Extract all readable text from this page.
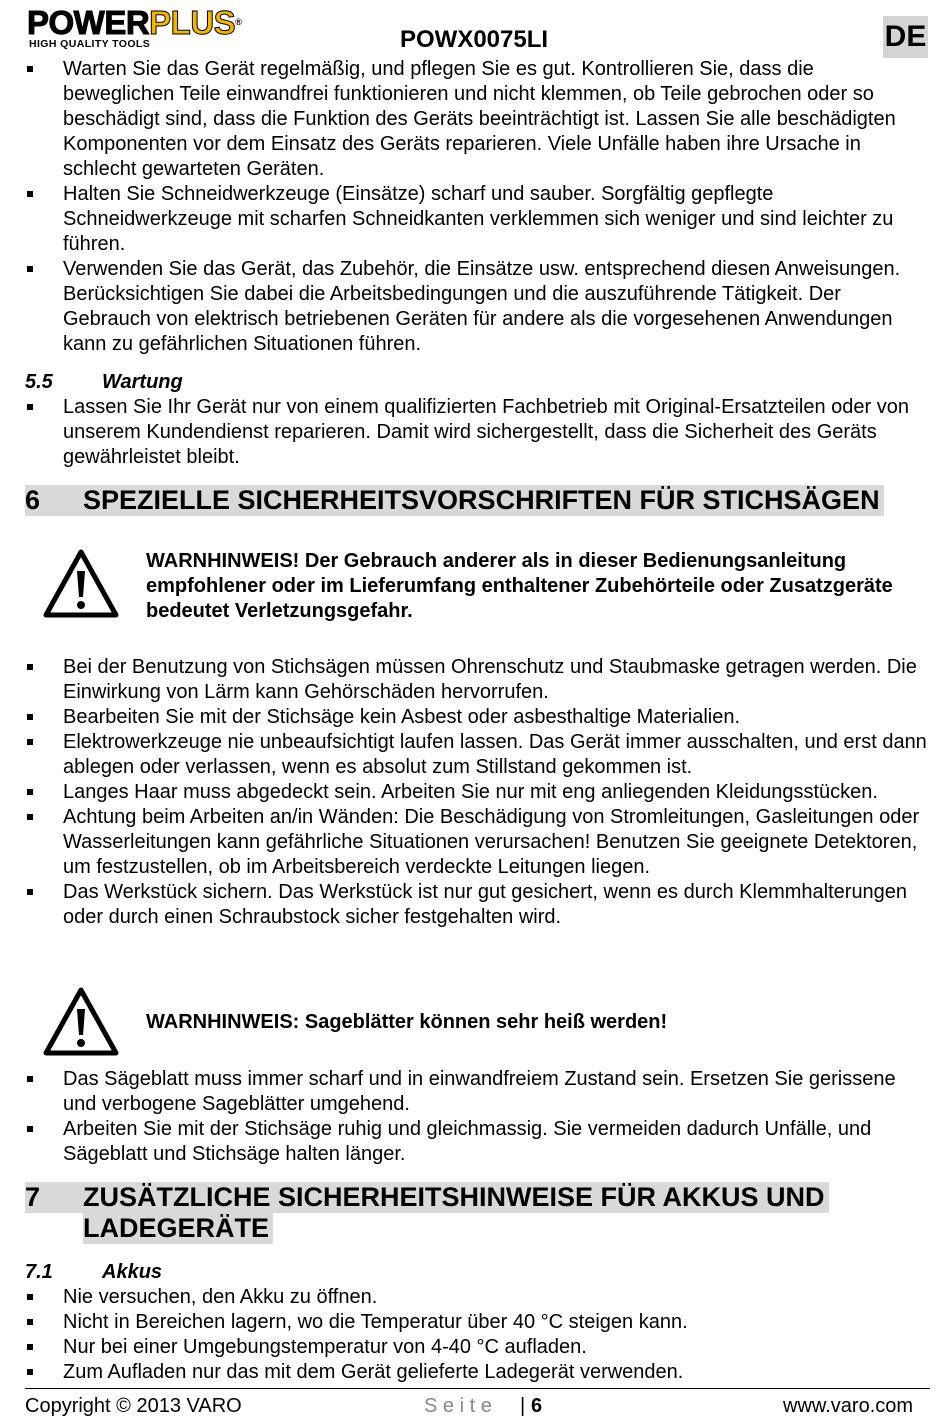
POWERPLUS®
HIGH QUALITY TOOLS	POWX0075LI	DE
Warten Sie das Gerät regelmäßig, und pflegen Sie es gut. Kontrollieren Sie, dass die beweglichen Teile einwandfrei funktionieren und nicht klemmen, ob Teile gebrochen oder so beschädigt sind, dass die Funktion des Geräts beeinträchtigt ist. Lassen Sie alle beschädigten Komponenten vor dem Einsatz des Geräts reparieren. Viele Unfälle haben ihre Ursache in schlecht gewarteten Geräten.
Halten Sie Schneidwerkzeuge (Einsätze) scharf und sauber. Sorgfältig gepflegte Schneidwerkzeuge mit scharfen Schneidkanten verklemmen sich weniger und sind leichter zu führen.
Verwenden Sie das Gerät, das Zubehör, die Einsätze usw. entsprechend diesen Anweisungen. Berücksichtigen Sie dabei die Arbeitsbedingungen und die auszuführende Tätigkeit. Der Gebrauch von elektrisch betriebenen Geräten für andere als die vorgesehenen Anwendungen kann zu gefährlichen Situationen führen.
5.5 Wartung
Lassen Sie Ihr Gerät nur von einem qualifizierten Fachbetrieb mit Original-Ersatzteilen oder von unserem Kundendienst reparieren. Damit wird sichergestellt, dass die Sicherheit des Geräts gewährleistet bleibt.
6 SPEZIELLE SICHERHEITSVORSCHRIFTEN FÜR STICHSÄGEN
WARNHINWEIS! Der Gebrauch anderer als in dieser Bedienungsanleitung empfohlener oder im Lieferumfang enthaltener Zubehörteile oder Zusatzgeräte bedeutet Verletzungsgefahr.
Bei der Benutzung von Stichsägen müssen Ohrenschutz und Staubmaske getragen werden. Die Einwirkung von Lärm kann Gehörschäden hervorrufen.
Bearbeiten Sie mit der Stichsäge kein Asbest oder asbesthaltige Materialien.
Elektrowerkzeuge nie unbeaufsichtigt laufen lassen. Das Gerät immer ausschalten, und erst dann ablegen oder verlassen, wenn es absolut zum Stillstand gekommen ist.
Langes Haar muss abgedeckt sein. Arbeiten Sie nur mit eng anliegenden Kleidungsstücken.
Achtung beim Arbeiten an/in Wänden: Die Beschädigung von Stromleitungen, Gasleitungen oder Wasserleitungen kann gefährliche Situationen verursachen! Benutzen Sie geeignete Detektoren, um festzustellen, ob im Arbeitsbereich verdeckte Leitungen liegen.
Das Werkstück sichern. Das Werkstück ist nur gut gesichert, wenn es durch Klemmhalterungen oder durch einen Schraubstock sicher festgehalten wird.
WARNHINWEIS: Sageblätter können sehr heiß werden!
Das Sägeblatt muss immer scharf und in einwandfreiem Zustand sein. Ersetzen Sie gerissene und verbogene Sageblätter umgehend.
Arbeiten Sie mit der Stichsäge ruhig und gleichmassig. Sie vermeiden dadurch Unfälle, und Sägeblatt und Stichsäge halten länger.
7 ZUSÄTZLICHE SICHERHEITSHINWEISE FÜR AKKUS UND
LADEGERÄTE
7.1 Akkus
Nie versuchen, den Akku zu öffnen.
Nicht in Bereichen lagern, wo die Temperatur über 40 °C steigen kann.
Nur bei einer Umgebungstemperatur von 4-40 °C aufladen.
Zum Aufladen nur das mit dem Gerät gelieferte Ladegerät verwenden.
Copyright © 2013 VARO	S e i t e | 6	www.varo.com
